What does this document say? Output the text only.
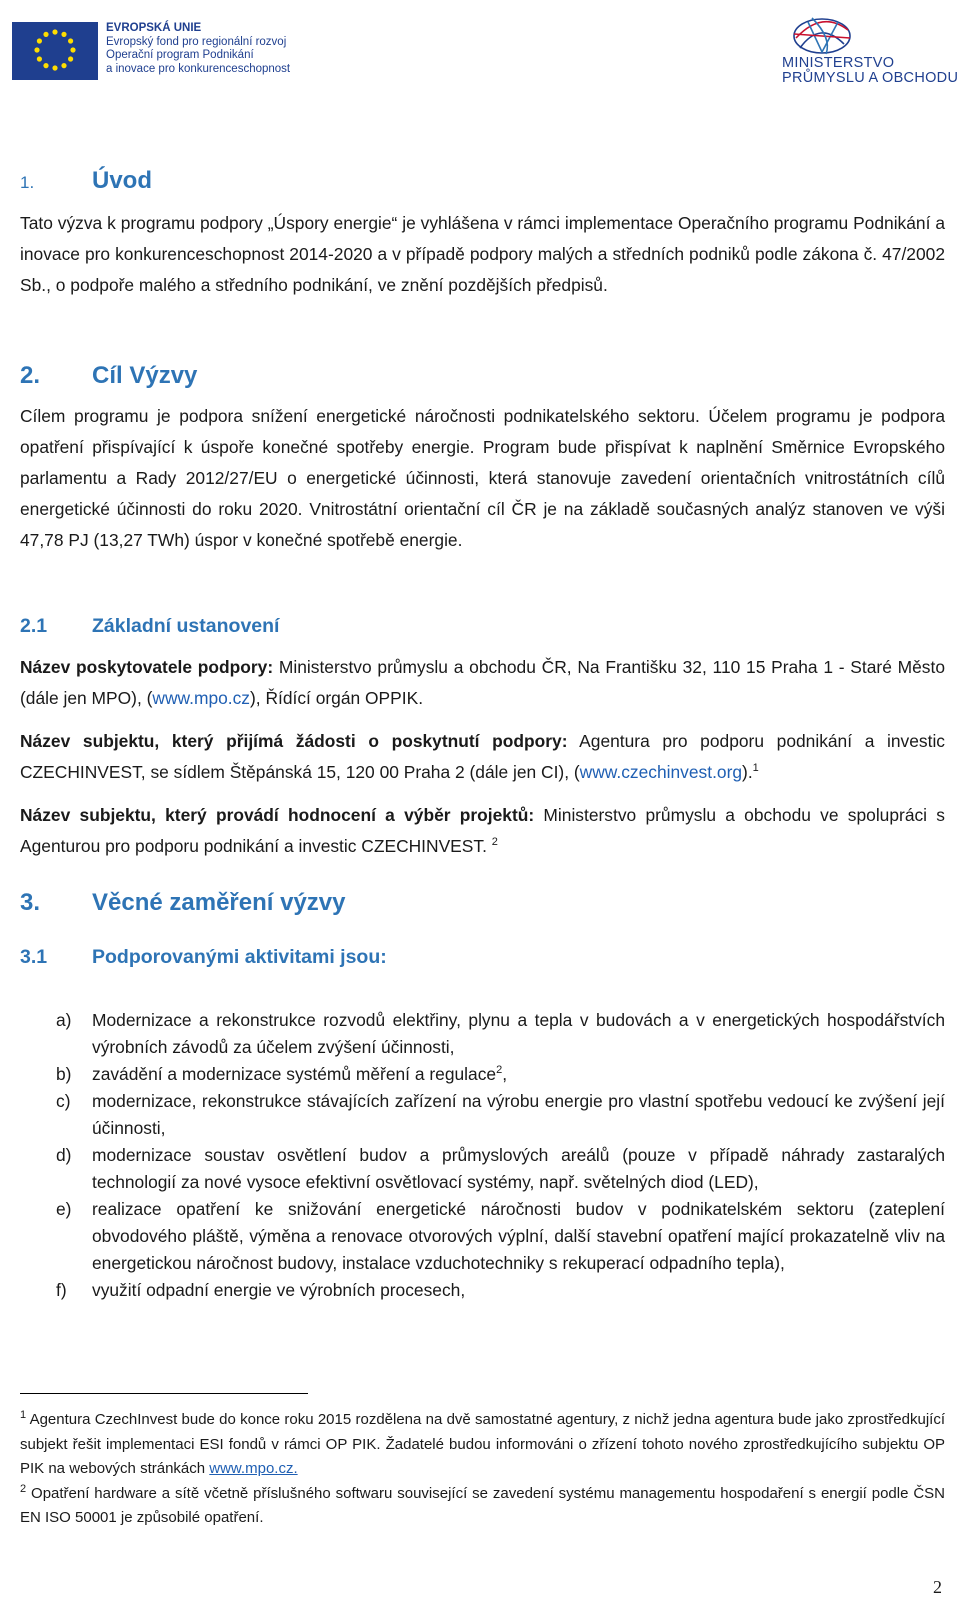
EVROPSKÁ UNIE
Evropský fond pro regionální rozvoj
Operační program Podnikání
a inovace pro konkurenceschopnost	MINISTERSTVO
PRŮMYSLU A OBCHODU
1. Úvod

Tato výzva k programu podpory „Úspory energie“ je vyhlášena v rámci implementace Operačního programu Podnikání a inovace pro konkurenceschopnost 2014-2020 a v případě podpory malých a středních podniků podle zákona č. 47/2002 Sb., o podpoře malého a středního podnikání, ve znění pozdějších předpisů.

2. Cíl Výzvy

Cílem programu je podpora snížení energetické náročnosti podnikatelského sektoru. Účelem programu je podpora opatření přispívající k úspoře konečné spotřeby energie. Program bude přispívat k naplnění Směrnice Evropského parlamentu a Rady 2012/27/EU o energetické účinnosti, která stanovuje zavedení orientačních vnitrostátních cílů energetické účinnosti do roku 2020. Vnitrostátní orientační cíl ČR je na základě současných analýz stanoven ve výši 47,78 PJ (13,27 TWh) úspor v konečné spotřebě energie.

2.1 Základní ustanovení

Název poskytovatele podpory: Ministerstvo průmyslu a obchodu ČR, Na Františku 32, 110 15 Praha 1 - Staré Město (dále jen MPO), (www.mpo.cz), Řídící orgán OPPIK.

Název subjektu, který přijímá žádosti o poskytnutí podpory: Agentura pro podporu podnikání a investic CZECHINVEST, se sídlem Štěpánská 15, 120 00 Praha 2 (dále jen CI), (www.czechinvest.org).$^1$

Název subjektu, který provádí hodnocení a výběr projektů: Ministerstvo průmyslu a obchodu ve spolupráci s Agenturou pro podporu podnikání a investic CZECHINVEST. $^2$

3. Věcné zaměření výzvy
3.1 Podporovanými aktivitami jsou:
a) Modernizace a rekonstrukce rozvodů elektřiny, plynu a tepla v budovách a v energetických hospodářstvích výrobních závodů za účelem zvýšení účinnosti,
b) zavádění a modernizace systémů měření a regulace$^2$,
c) modernizace, rekonstrukce stávajících zařízení na výrobu energie pro vlastní spotřebu vedoucí ke zvýšení její účinnosti,
d) modernizace soustav osvětlení budov a průmyslových areálů (pouze v případě náhrady zastaralých technologií za nové vysoce efektivní osvětlovací systémy, např. světelných diod (LED),
e) realizace opatření ke snižování energetické náročnosti budov v podnikatelském sektoru (zateplení obvodového pláště, výměna a renovace otvorových výplní, další stavební opatření mající prokazatelně vliv na energetickou náročnost budovy, instalace vzduchotechniky s rekuperací odpadního tepla),
f) využití odpadní energie ve výrobních procesech,

$^1$ Agentura CzechInvest bude do konce roku 2015 rozdělena na dvě samostatné agentury, z nichž jedna agentura bude jako zprostředkující subjekt řešit implementaci ESI fondů v rámci OP PIK. Žadatelé budou informováni o zřízení tohoto nového zprostředkujícího subjektu OP PIK na webových stránkách www.mpo.cz.

$^2$ Opatření hardware a sítě včetně příslušného softwaru související se zavedení systému managementu hospodaření s energií podle ČSN EN ISO 50001 je způsobilé opatření.

2
